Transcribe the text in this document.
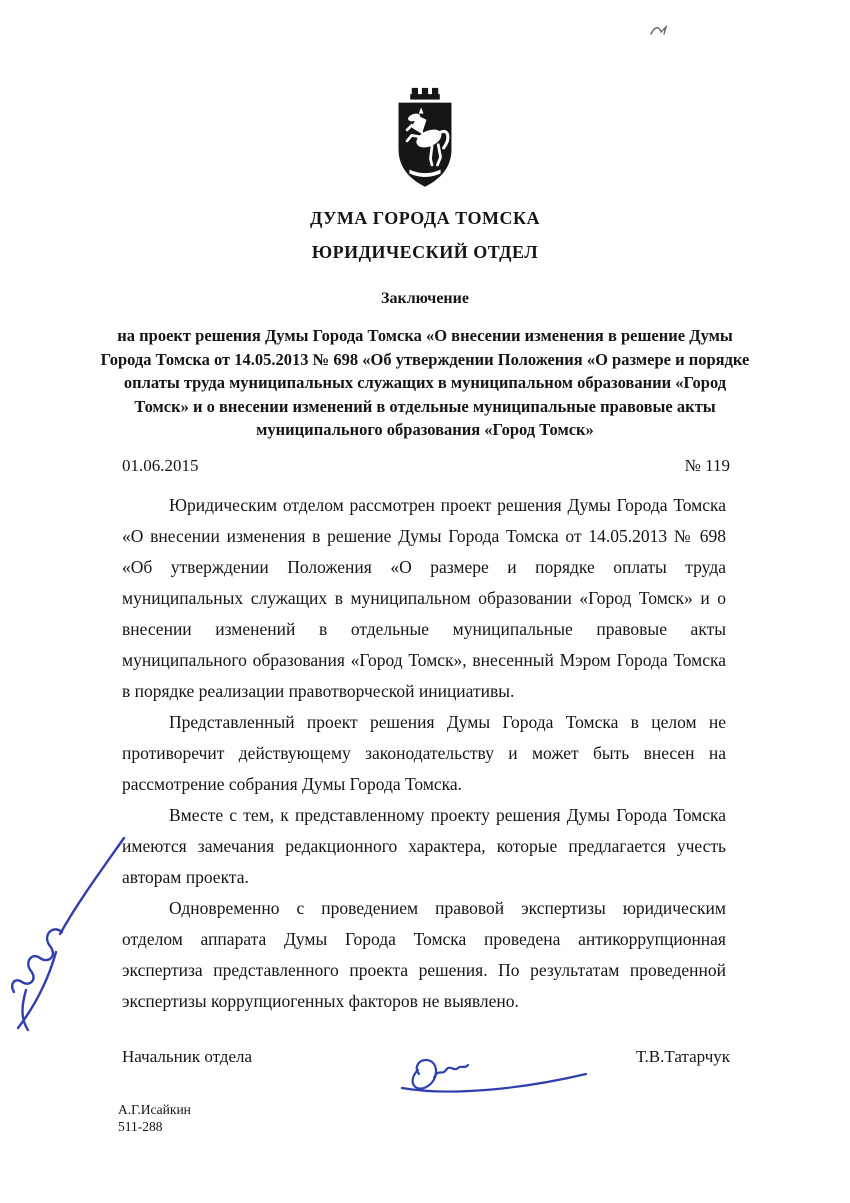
ДУМА ГОРОДА ТОМСКА
ЮРИДИЧЕСКИЙ ОТДЕЛ
Заключение
на проект решения Думы Города Томска «О внесении изменения в решение Думы Города Томска от 14.05.2013 № 698 «Об утверждении Положения «О размере и порядке оплаты труда муниципальных служащих в муниципальном образовании «Город Томск» и о внесении изменений в отдельные муниципальные правовые акты муниципального образования «Город Томск»
01.06.2015	№ 119

Юридическим отделом рассмотрен проект решения Думы Города Томска «О внесении изменения в решение Думы Города Томска от 14.05.2013 № 698 «Об утверждении Положения «О размере и порядке оплаты труда муниципальных служащих в муниципальном образовании «Город Томск» и о внесении изменений в отдельные муниципальные правовые акты муниципального образования «Город Томск», внесенный Мэром Города Томска в порядке реализации правотворческой инициативы.

Представленный проект решения Думы Города Томска в целом не противоречит действующему законодательству и может быть внесен на рассмотрение собрания Думы Города Томска.

Вместе с тем, к представленному проекту решения Думы Города Томска имеются замечания редакционного характера, которые предлагается учесть авторам проекта.

Одновременно с проведением правовой экспертизы юридическим отделом аппарата Думы Города Томска проведена антикоррупционная экспертиза представленного проекта решения. По результатам проведенной экспертизы коррупциогенных факторов не выявлено.

Начальник отдела	Т.В.Татарчук
А.Г.Исайкин
511-288
